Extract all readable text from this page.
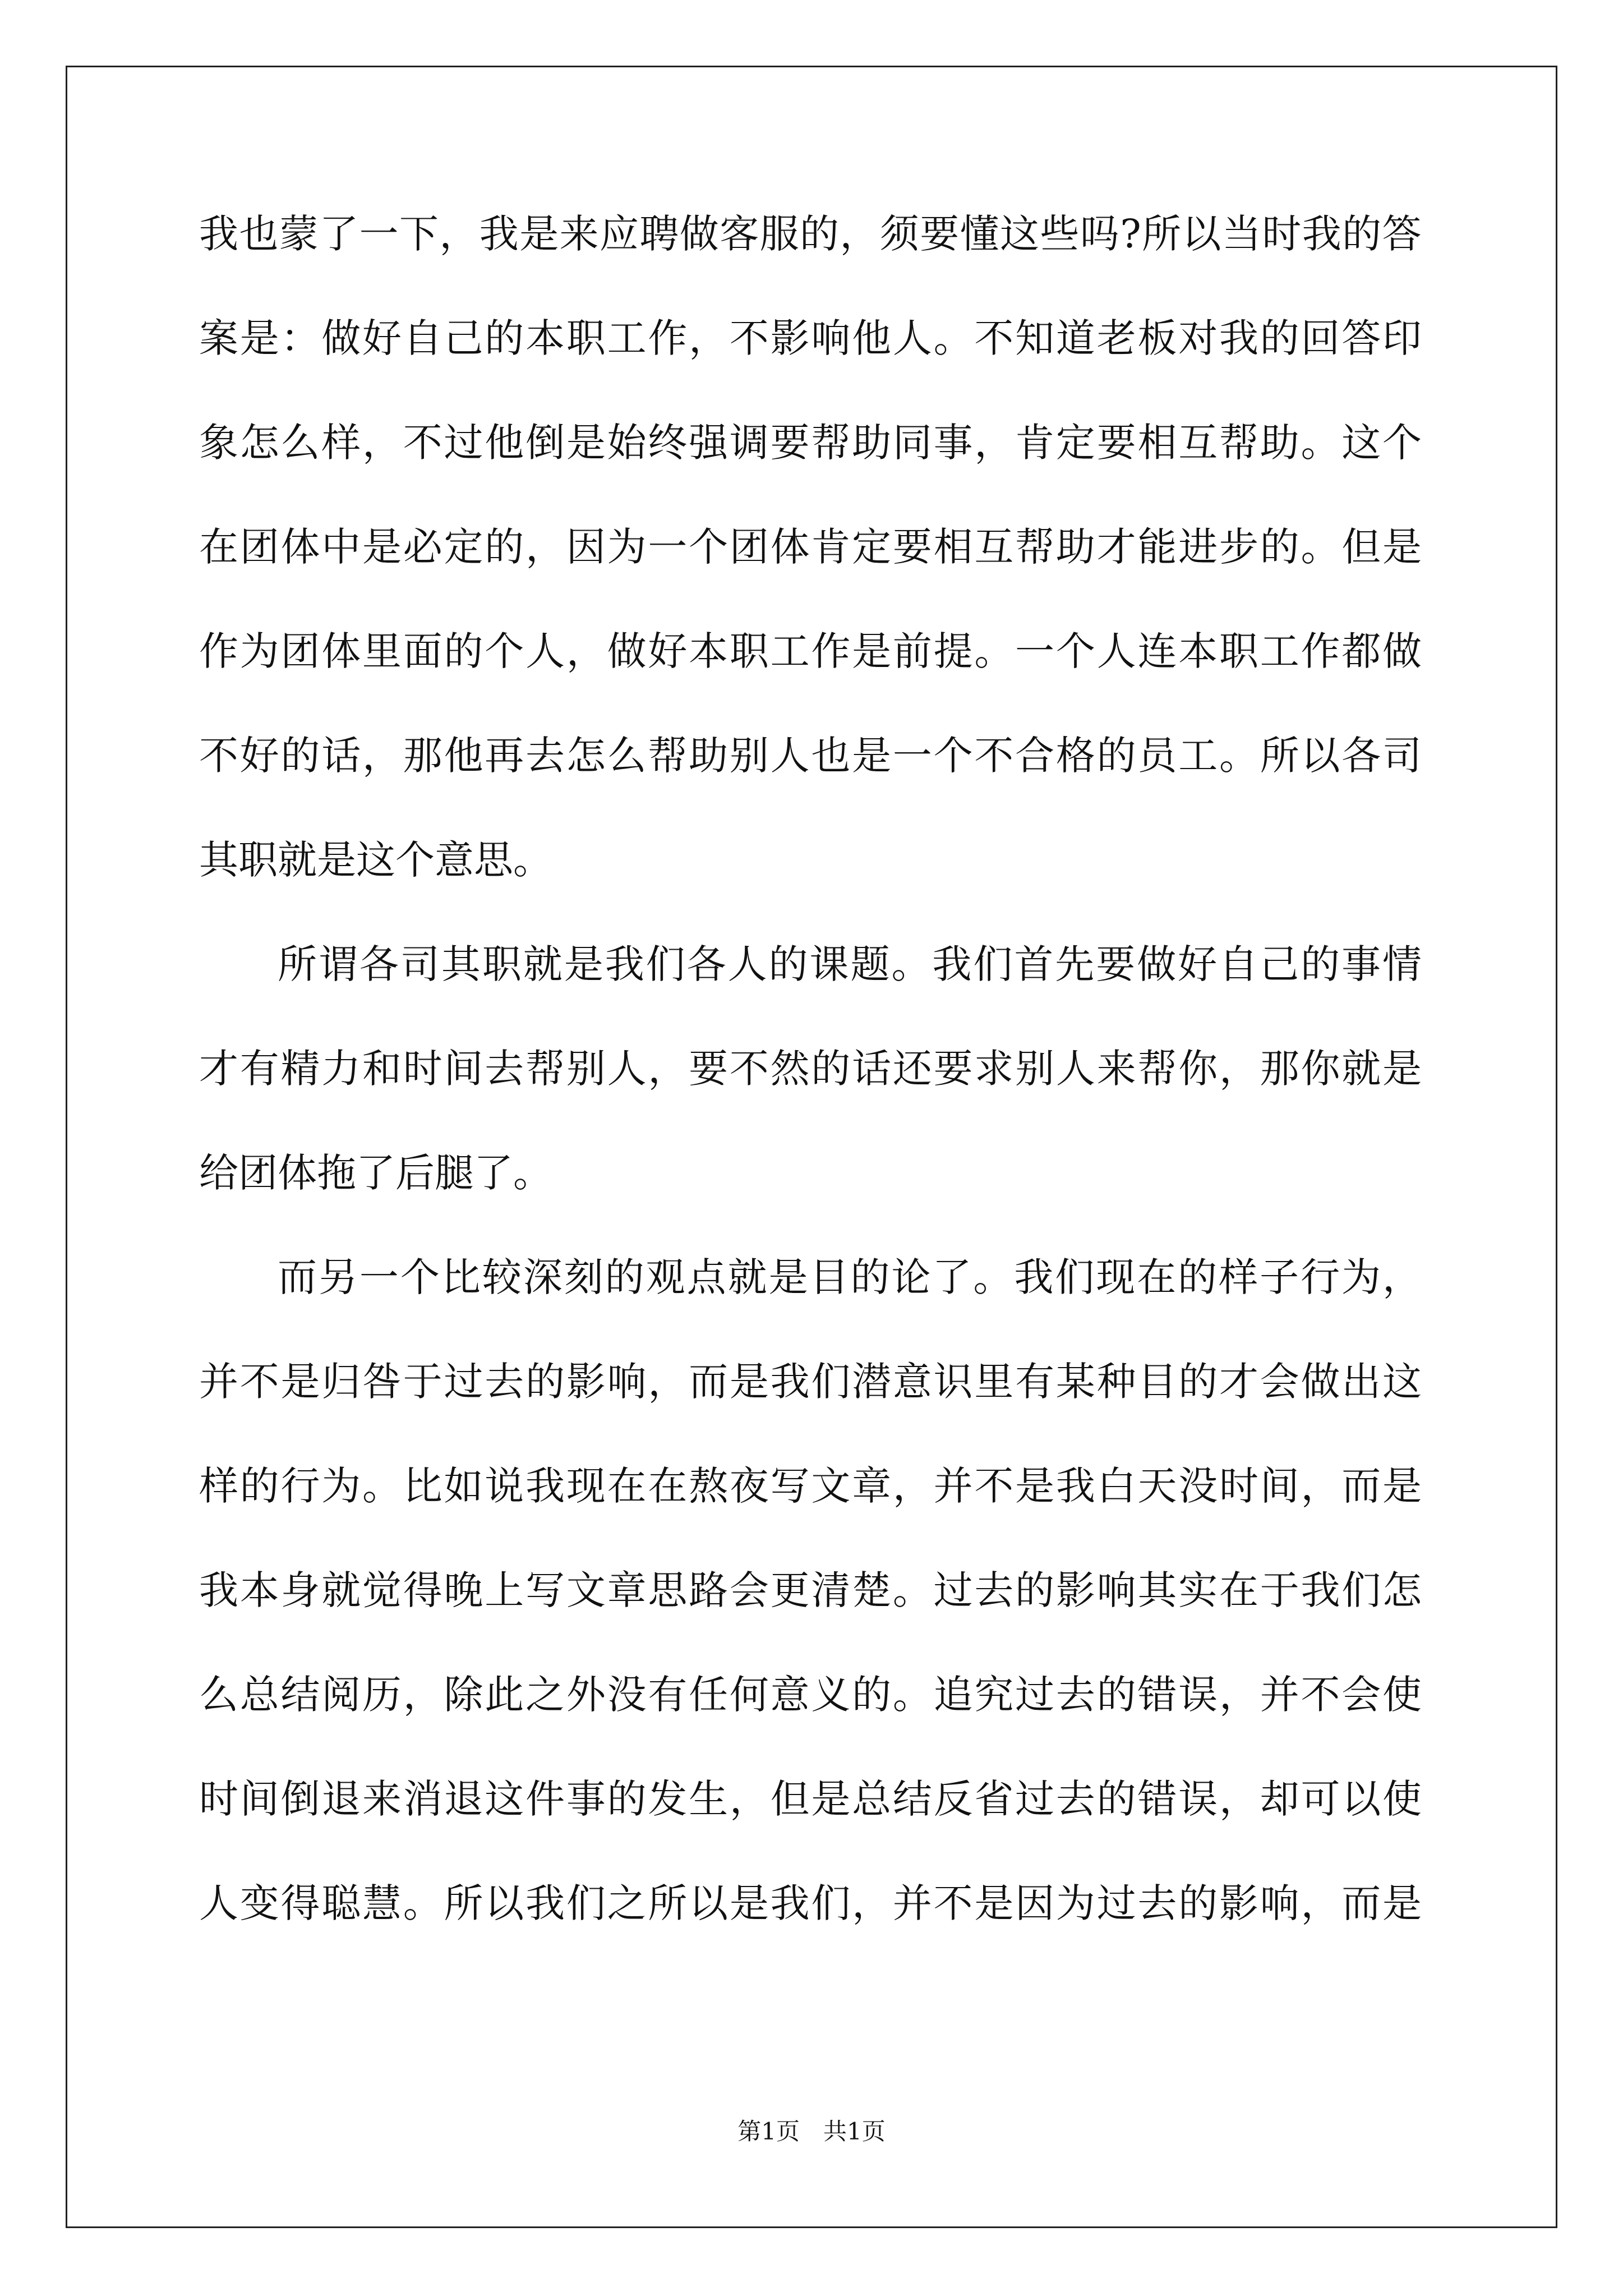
我也蒙了一下，我是来应聘做客服的，须要懂这些吗?所以当时我的答
案是：做好自己的本职工作，不影响他人。不知道老板对我的回答印
象怎么样，不过他倒是始终强调要帮助同事，肯定要相互帮助。这个
在团体中是必定的，因为一个团体肯定要相互帮助才能进步的。但是
作为团体里面的个人，做好本职工作是前提。一个人连本职工作都做
不好的话，那他再去怎么帮助别人也是一个不合格的员工。所以各司
其职就是这个意思。
所谓各司其职就是我们各人的课题。我们首先要做好自己的事情
才有精力和时间去帮别人，要不然的话还要求别人来帮你，那你就是
给团体拖了后腿了。
而另一个比较深刻的观点就是目的论了。我们现在的样子行为，
并不是归咎于过去的影响，而是我们潜意识里有某种目的才会做出这
样的行为。比如说我现在在熬夜写文章，并不是我白天没时间，而是
我本身就觉得晚上写文章思路会更清楚。过去的影响其实在于我们怎
么总结阅历，除此之外没有任何意义的。追究过去的错误，并不会使
时间倒退来消退这件事的发生，但是总结反省过去的错误，却可以使
人变得聪慧。所以我们之所以是我们，并不是因为过去的影响，而是
第1页　共1页
